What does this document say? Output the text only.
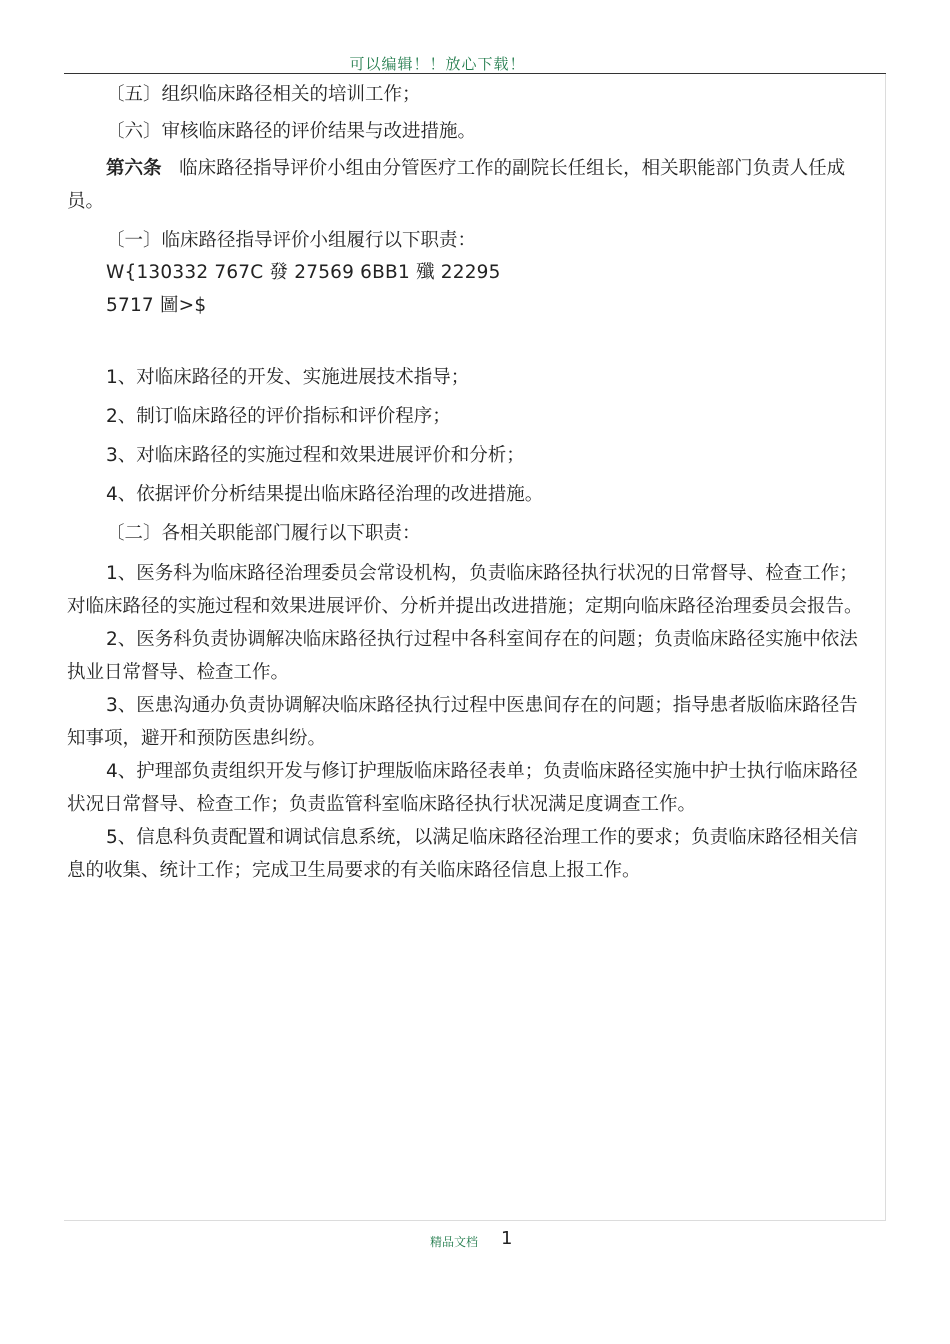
可以编辑！！放心下载！

〔五〕组织临床路径相关的培训工作；

〔六〕审核临床路径的评价结果与改进措施。

第六条 临床路径指导评价小组由分管医疗工作的副院长任组长，相关职能部门负责人任成员。

〔一〕临床路径指导评价小组履行以下职责：

W{130332 767C 發 27569 6BB1 殲 22295

5717 圖>$

1、对临床路径的开发、实施进展技术指导；

2、制订临床路径的评价指标和评价程序；

3、对临床路径的实施过程和效果进展评价和分析；

4、依据评价分析结果提出临床路径治理的改进措施。

〔二〕各相关职能部门履行以下职责：

1、医务科为临床路径治理委员会常设机构，负责临床路径执行状况的日常督导、检查工作；对临床路径的实施过程和效果进展评价、分析并提出改进措施；定期向临床路径治理委员会报告。

2、医务科负责协调解决临床路径执行过程中各科室间存在的问题；负责临床路径实施中依法执业日常督导、检查工作。

3、医患沟通办负责协调解决临床路径执行过程中医患间存在的问题；指导患者版临床路径告知事项，避开和预防医患纠纷。

4、护理部负责组织开发与修订护理版临床路径表单；负责临床路径实施中护士执行临床路径状况日常督导、检查工作；负责监管科室临床路径执行状况满足度调查工作。

5、信息科负责配置和调试信息系统，以满足临床路径治理工作的要求；负责临床路径相关信息的收集、统计工作；完成卫生局要求的有关临床路径信息上报工作。

精品文档 1
